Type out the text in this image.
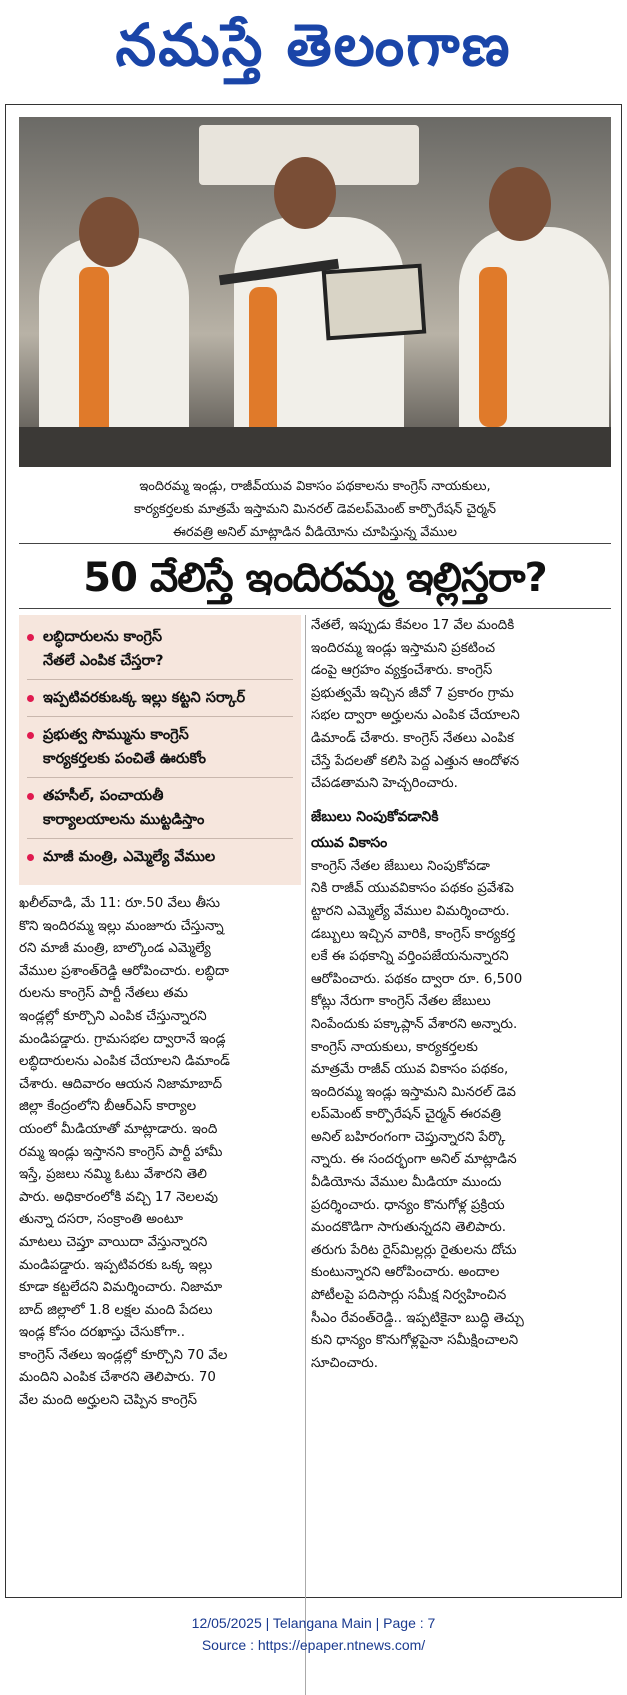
నమస్తే తెలంగాణ
ఇందిరమ్మ ఇండ్లు, రాజీవ్‌యువ వికాసం పథకాలను కాంగ్రెస్ నాయకులు,
కార్యకర్తలకు మాత్రమే ఇస్తామని మినరల్ డెవలప్‌మెంట్ కార్పొరేషన్ చైర్మన్
ఈరవత్రి అనిల్ మాట్లాడిన వీడియోను చూపిస్తున్న వేముల
50 వేలిస్తే ఇందిరమ్మ ఇల్లిస్తరా?
లబ్ధిదారులను కాంగ్రెస్
నేతలే ఎంపిక చేస్తరా?
ఇప్పటివరకుఒక్క ఇల్లు కట్టని సర్కార్
ప్రభుత్వ సొమ్మును కాంగ్రెస్
కార్యకర్తలకు పంచితే ఊరుకోం
తహసీల్, పంచాయతీ
కార్యాలయాలను ముట్టడిస్తాం
మాజీ మంత్రి, ఎమ్మెల్యే వేముల
ఖలీల్‌వాడి, మే 11: రూ.50 వేలు తీసు
కొని ఇందిరమ్మ ఇల్లు మంజూరు చేస్తున్నా
రని మాజీ మంత్రి, బాల్కొండ ఎమ్మెల్యే
వేముల ప్రశాంత్‌రెడ్డి ఆరోపించారు. లబ్ధిదా
రులను కాంగ్రెస్ పార్టీ నేతలు తమ
ఇండ్లల్లో కూర్చొని ఎంపిక చేస్తున్నారని
మండిపడ్డారు. గ్రామసభల ద్వారానే ఇండ్ల
లబ్ధిదారులను ఎంపిక చేయాలని డిమాండ్
చేశారు. ఆదివారం ఆయన నిజామాబాద్
జిల్లా కేంద్రంలోని బీఆర్‌ఎస్ కార్యాల
యంలో మీడియాతో మాట్లాడారు. ఇంది
రమ్మ ఇండ్లు ఇస్తానని కాంగ్రెస్ పార్టీ హామీ
ఇస్తే, ప్రజలు నమ్మి ఓటు వేశారని తెలి
పారు. అధికారంలోకి వచ్చి 17 నెలలవు
తున్నా దసరా, సంక్రాంతి అంటూ
మాటలు చెప్తూ వాయిదా వేస్తున్నారని
మండిపడ్డారు. ఇప్పటివరకు ఒక్క ఇల్లు
కూడా కట్టలేదని విమర్శించారు. నిజామా
బాద్ జిల్లాలో 1.8 లక్షల మంది పేదలు
ఇండ్ల కోసం దరఖాస్తు చేసుకోగా..
కాంగ్రెస్ నేతలు ఇండ్లల్లో కూర్చొని 70 వేల
మందిని ఎంపిక చేశారని తెలిపారు. 70
వేల మంది అర్హులని చెప్పిన కాంగ్రెస్
నేతలే, ఇప్పుడు కేవలం 17 వేల మందికి
ఇందిరమ్మ ఇండ్లు ఇస్తామని ప్రకటించ
డంపై ఆగ్రహం వ్యక్తంచేశారు. కాంగ్రెస్
ప్రభుత్వమే ఇచ్చిన జీవో 7 ప్రకారం గ్రామ
సభల ద్వారా అర్హులను ఎంపిక చేయాలని
డిమాండ్ చేశారు. కాంగ్రెస్ నేతలు ఎంపిక
చేస్తే పేదలతో కలిసి పెద్ద ఎత్తున ఆందోళన
చేపడతామని హెచ్చరించారు.
జేబులు నింపుకోవడానికి
యువ వికాసం
కాంగ్రెస్ నేతల జేబులు నింపుకోవడా
నికి రాజీవ్ యువవికాసం పథకం ప్రవేశపె
ట్టారని ఎమ్మెల్యే వేముల విమర్శించారు.
డబ్బులు ఇచ్చిన వారికి, కాంగ్రెస్ కార్యకర్త
లకే ఈ పథకాన్ని వర్తింపజేయనున్నారని
ఆరోపించారు. పథకం ద్వారా రూ. 6,500
కోట్లు నేరుగా కాంగ్రెస్ నేతల జేబులు
నింపేందుకు పక్కాప్లాన్ వేశారని అన్నారు.
కాంగ్రెస్ నాయకులు, కార్యకర్తలకు
మాత్రమే రాజీవ్ యువ వికాసం పథకం,
ఇందిరమ్మ ఇండ్లు ఇస్తామని మినరల్ డెవ
లప్‌మెంట్ కార్పొరేషన్ చైర్మన్ ఈరవత్రి
అనిల్ బహిరంగంగా చెప్తున్నారని పేర్కొ
న్నారు. ఈ సందర్భంగా అనిల్ మాట్లాడిన
వీడియోను వేముల మీడియా ముందు
ప్రదర్శించారు. ధాన్యం కొనుగోళ్ల ప్రక్రియ
మందకొడిగా సాగుతున్నదని తెలిపారు.
తరుగు పేరిట రైస్‌మిల్లర్లు రైతులను దోచు
కుంటున్నారని ఆరోపించారు. అందాల
పోటీలపై పదిసార్లు సమీక్ష నిర్వహించిన
సీఎం రేవంత్‌రెడ్డి.. ఇప్పటికైనా బుద్ధి తెచ్చు
కుని ధాన్యం కొనుగోళ్లపైనా సమీక్షించాలని
సూచించారు.
12/05/2025 | Telangana Main | Page : 7
Source : https://epaper.ntnews.com/
